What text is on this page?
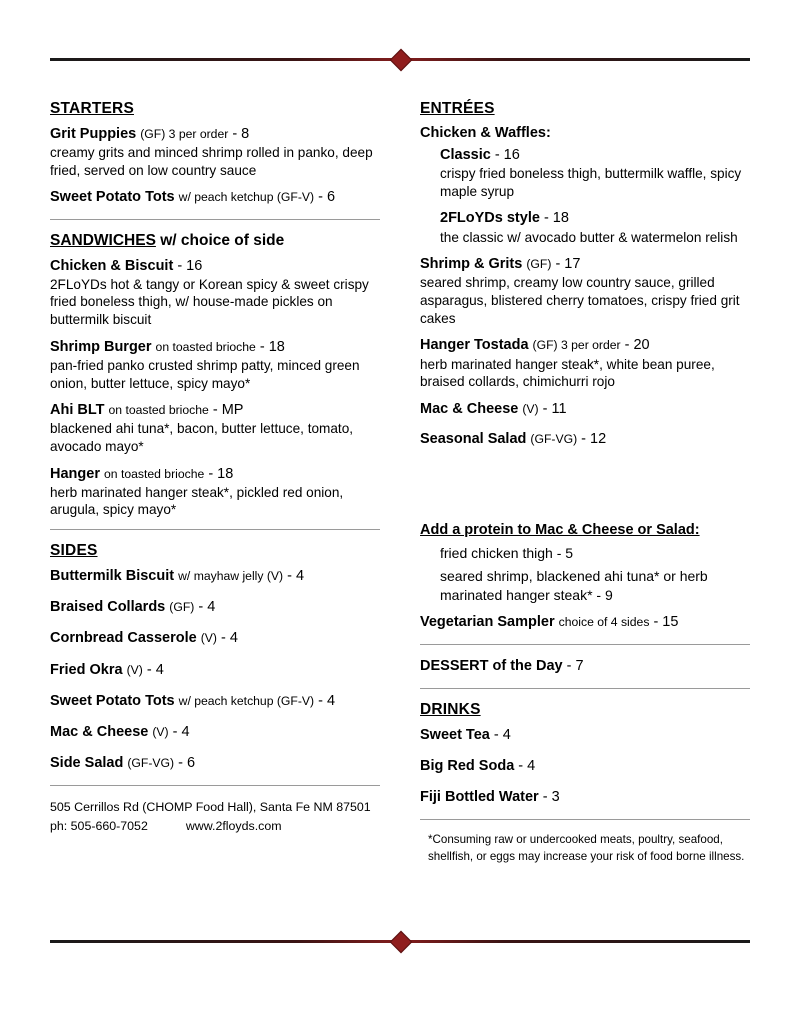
STARTERS
Grit Puppies (GF) 3 per order - 8
creamy grits and minced shrimp rolled in panko, deep fried, served on low country sauce
Sweet Potato Tots w/ peach ketchup (GF-V) - 6
SANDWICHES w/ choice of side
Chicken & Biscuit - 16
2FLoYDs hot & tangy or Korean spicy & sweet crispy fried boneless thigh, w/ house-made pickles on buttermilk biscuit
Shrimp Burger on toasted brioche - 18
pan-fried panko crusted shrimp patty, minced green onion, butter lettuce, spicy mayo*
Ahi BLT on toasted brioche - MP
blackened ahi tuna*, bacon, butter lettuce, tomato, avocado mayo*
Hanger on toasted brioche - 18
herb marinated hanger steak*, pickled red onion, arugula, spicy mayo*
SIDES
Buttermilk Biscuit w/ mayhaw jelly (V) - 4
Braised Collards (GF) - 4
Cornbread Casserole (V) - 4
Fried Okra (V) - 4
Sweet Potato Tots w/ peach ketchup (GF-V) - 4
Mac & Cheese (V) - 4
Side Salad (GF-VG) - 6
505 Cerrillos Rd (CHOMP Food Hall), Santa Fe NM 87501
ph: 505-660-7052	www.2floyds.com
ENTRÉES
Chicken & Waffles:
Classic - 16
crispy fried boneless thigh, buttermilk waffle, spicy maple syrup
2FLoYDs style - 18
the classic w/ avocado butter & watermelon relish
Shrimp & Grits (GF) - 17
seared shrimp, creamy low country sauce, grilled asparagus, blistered cherry tomatoes, crispy fried grit cakes
Hanger Tostada (GF) 3 per order - 20
herb marinated hanger steak*, white bean puree, braised collards, chimichurri rojo
Mac & Cheese (V) - 11
Seasonal Salad (GF-VG) - 12
Add a protein to Mac & Cheese or Salad:
fried chicken thigh - 5
seared shrimp, blackened ahi tuna* or herb marinated hanger steak* - 9
Vegetarian Sampler choice of 4 sides - 15
DESSERT of the Day - 7
DRINKS
Sweet Tea - 4
Big Red Soda - 4
Fiji Bottled Water - 3
*Consuming raw or undercooked meats, poultry, seafood, shellfish, or eggs may increase your risk of food borne illness.
